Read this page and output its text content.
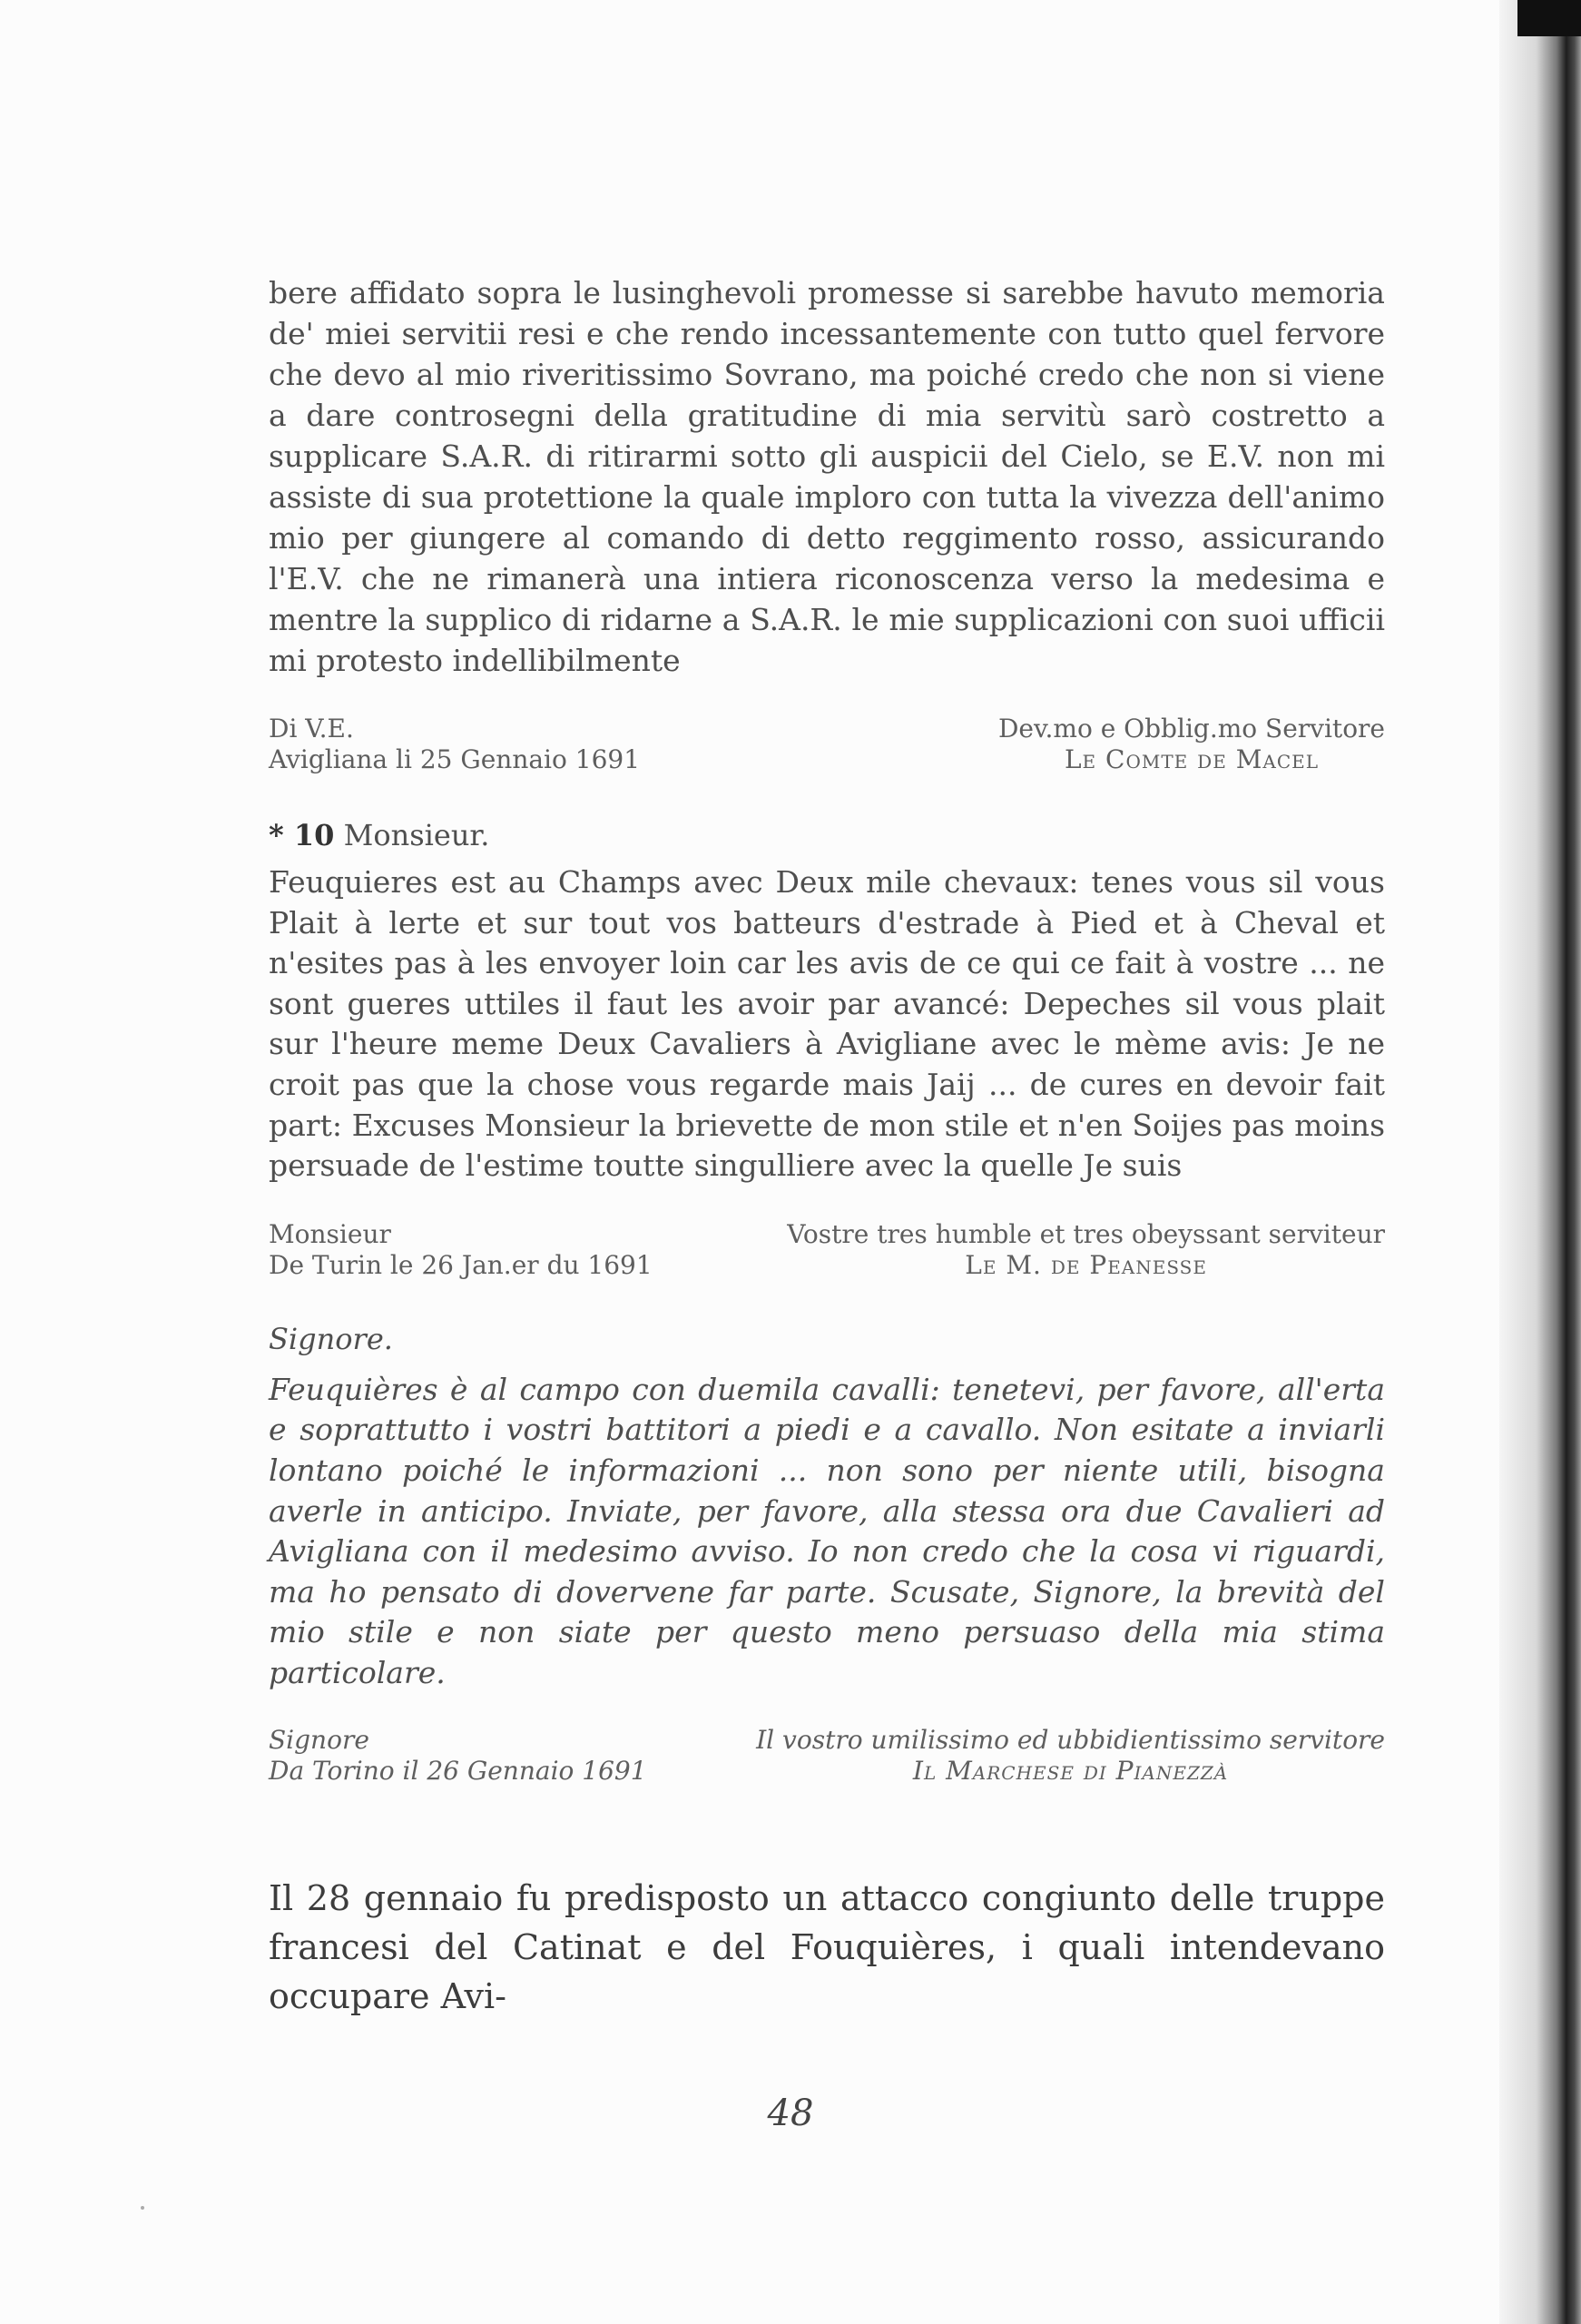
bere affidato sopra le lusinghevoli promesse si sarebbe havuto memoria de' miei servitii resi e che rendo incessantemente con tutto quel fervore che devo al mio riveritissimo Sovrano, ma poiché credo che non si viene a dare controsegni della gratitudine di mia servitù sarò costretto a supplicare S.A.R. di ritirarmi sotto gli auspicii del Cielo, se E.V. non mi assiste di sua protettione la quale imploro con tutta la vivezza dell'animo mio per giungere al comando di detto reggimento rosso, assicurando l'E.V. che ne rimanerà una intiera riconoscenza verso la medesima e mentre la supplico di ridarne a S.A.R. le mie supplicazioni con suoi ufficii mi protesto indellibilmente

Di V.E.
Avigliana li 25 Gennaio 1691
Dev.mo e Obblig.mo Servitore
Le Comte de Macel
* 10 Monsieur.

Feuquieres est au Champs avec Deux mile chevaux: tenes vous sil vous Plait à lerte et sur tout vos batteurs d'estrade à Pied et à Cheval et n'esites pas à les envoyer loin car les avis de ce qui ce fait à vostre ... ne sont gueres uttiles il faut les avoir par avancé: Depeches sil vous plait sur l'heure meme Deux Cavaliers à Avigliane avec le mème avis: Je ne croit pas que la chose vous regarde mais Jaij ... de cures en devoir fait part: Excuses Monsieur la brievette de mon stile et n'en Soijes pas moins persuade de l'estime toutte singulliere avec la quelle Je suis

Monsieur
De Turin le 26 Jan.er du 1691
Vostre tres humble et tres obeyssant serviteur
Le M. de Peanesse
Signore.

Feuquières è al campo con duemila cavalli: tenetevi, per favore, all'erta e soprattutto i vostri battitori a piedi e a cavallo. Non esitate a inviarli lontano poiché le informazioni ... non sono per niente utili, bisogna averle in anticipo. Inviate, per favore, alla stessa ora due Cavalieri ad Avigliana con il medesimo avviso. Io non credo che la cosa vi riguardi, ma ho pensato di dovervene far parte. Scusate, Signore, la brevità del mio stile e non siate per questo meno persuaso della mia stima particolare.

Signore
Da Torino il 26 Gennaio 1691
Il vostro umilissimo ed ubbidientissimo servitore
Il Marchese di Pianezzà

Il 28 gennaio fu predisposto un attacco congiunto delle truppe francesi del Catinat e del Fouquières, i quali intendevano occupare Avi-

48
